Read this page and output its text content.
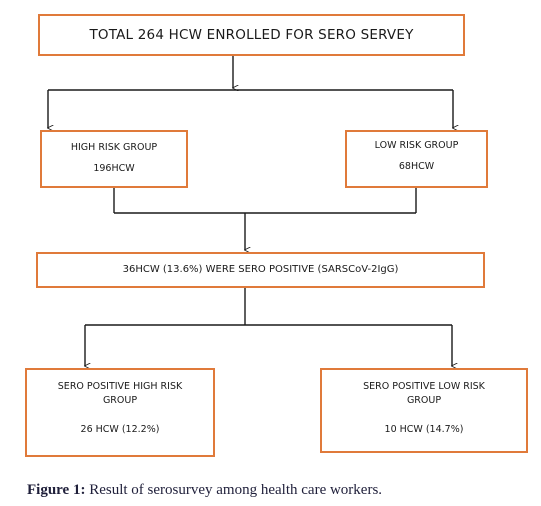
TOTAL 264 HCW ENROLLED FOR SERO SERVEY
HIGH RISK GROUP
196HCW
LOW RISK GROUP
68HCW
36HCW (13.6%) WERE SERO POSITIVE (SARSCoV-2IgG)
SERO POSITIVE HIGH RISK
GROUP
26 HCW (12.2%)
SERO POSITIVE LOW RISK
GROUP
10 HCW (14.7%)
Figure 1: Result of serosurvey among health care workers.
